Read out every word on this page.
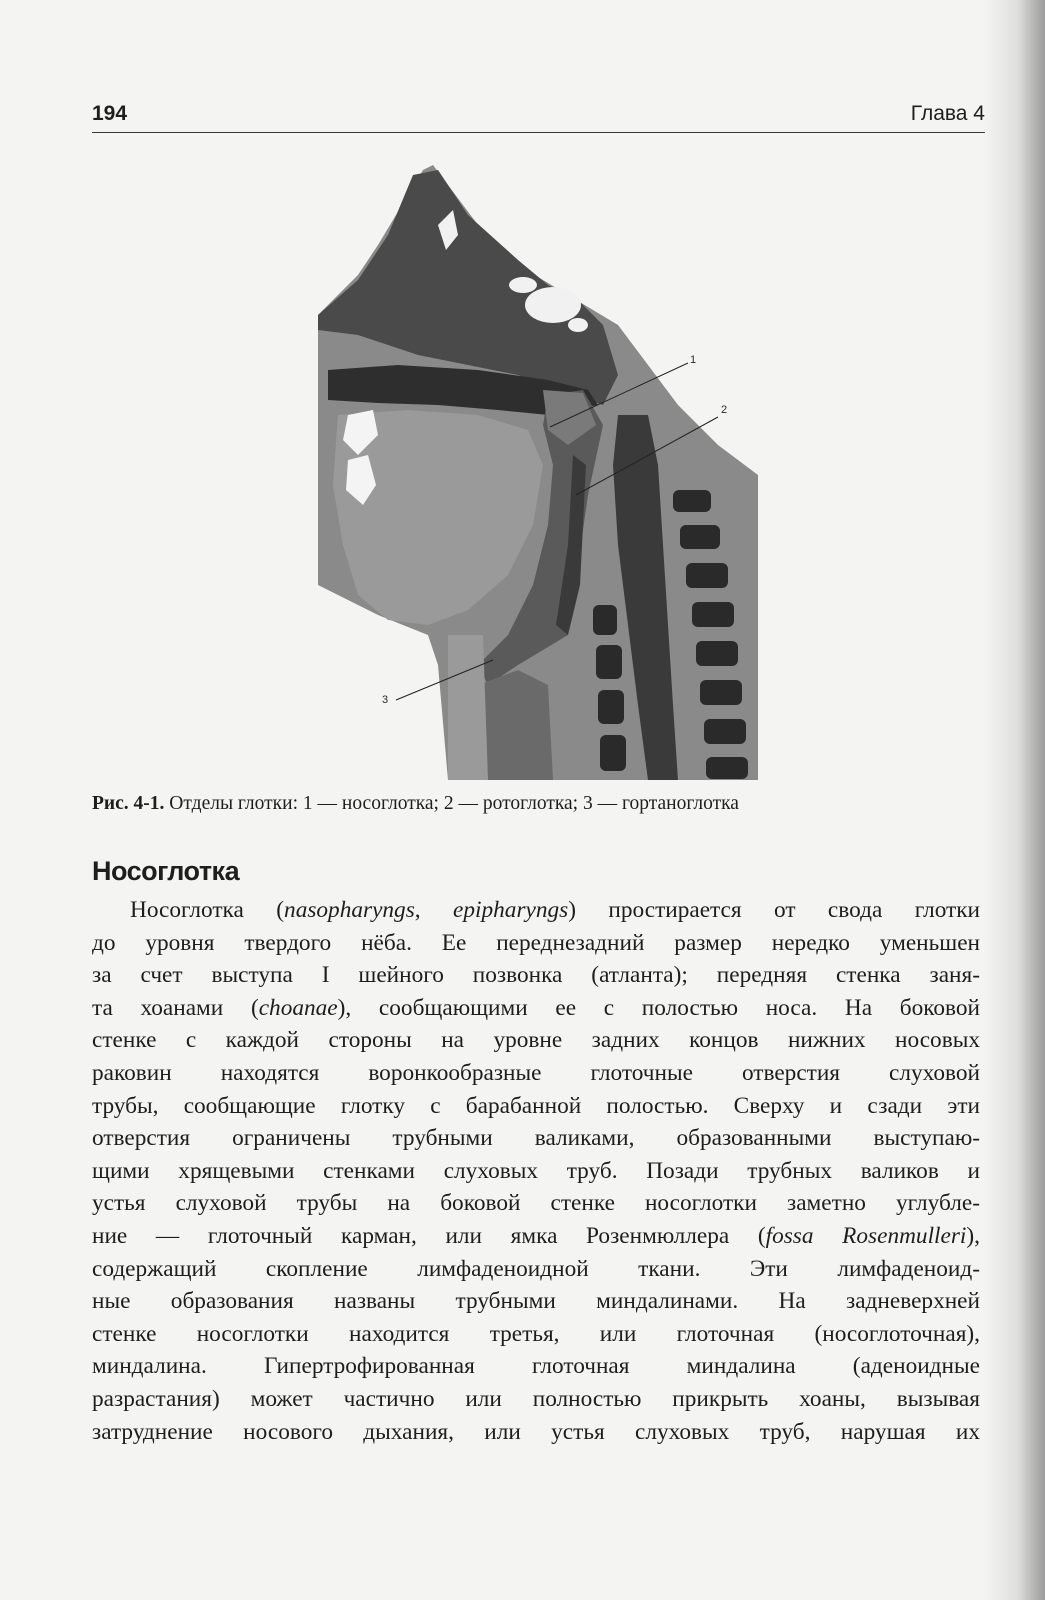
194	Глава 4
1
2
3
Рис. 4-1. Отделы глотки: 1 — носоглотка; 2 — ротоглотка; 3 — гортаноглотка
Носоглотка
Носоглотка (nasopharyngs, epipharyngs) простирается от свода глотки
до уровня твердого нёба. Ее переднезадний размер нередко уменьшен
за счет выступа I шейного позвонка (атланта); передняя стенка заня-
та хоанами (choanae), сообщающими ее с полостью носа. На боковой
стенке с каждой стороны на уровне задних концов нижних носовых
раковин находятся воронкообразные глоточные отверстия слуховой
трубы, сообщающие глотку с барабанной полостью. Сверху и сзади эти
отверстия ограничены трубными валиками, образованными выступаю-
щими хрящевыми стенками слуховых труб. Позади трубных валиков и
устья слуховой трубы на боковой стенке носоглотки заметно углубле-
ние — глоточный карман, или ямка Розенмюллера (fossa Rosenmulleri),
содержащий скопление лимфаденоидной ткани. Эти лимфаденоид-
ные образования названы трубными миндалинами. На задневерхней
стенке носоглотки находится третья, или глоточная (носоглоточная),
миндалина. Гипертрофированная глоточная миндалина (аденоидные
разрастания) может частично или полностью прикрыть хоаны, вызывая
затруднение носового дыхания, или устья слуховых труб, нарушая их
